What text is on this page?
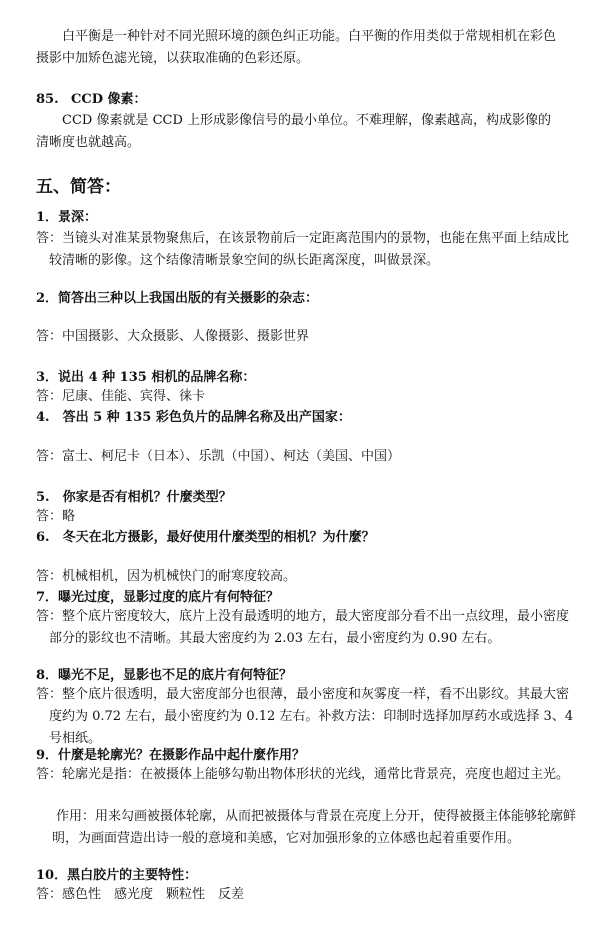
白平衡是一种针对不同光照环境的颜色纠正功能。白平衡的作用类似于常规相机在彩色摄影中加矫色滤光镜，以获取准确的色彩还原。

85. CCD 像素：

CCD 像素就是 CCD 上形成影像信号的最小单位。不难理解，像素越高，构成影像的清晰度也就越高。

五、简答：
1．景深：

答：当镜头对准某景物聚焦后，在该景物前后一定距离范围内的景物，也能在焦平面上结成比较清晰的影像。这个结像清晰景象空间的纵长距离深度，叫做景深。

2．简答出三种以上我国出版的有关摄影的杂志：

答：中国摄影、大众摄影、人像摄影、摄影世界

3．说出 4 种 135 相机的品牌名称：

答：尼康、佳能、宾得、徕卡

4.　答出 5 种 135 彩色负片的品牌名称及出产国家：

答：富士、柯尼卡（日本）、乐凯（中国）、柯达（美国、中国）

5.　你家是否有相机？什麼类型？

答：略

6.　冬天在北方摄影，最好使用什麼类型的相机？为什麼？

答：机械相机，因为机械快门的耐寒度较高。

7．曝光过度，显影过度的底片有何特征？

答：整个底片密度较大，底片上没有最透明的地方，最大密度部分看不出一点纹理，最小密度部分的影纹也不清晰。其最大密度约为 2.03 左右，最小密度约为 0.90 左右。

8．曝光不足，显影也不足的底片有何特征？

答：整个底片很透明，最大密度部分也很薄，最小密度和灰雾度一样，看不出影纹。其最大密度约为 0.72 左右，最小密度约为 0.12 左右。补救方法：印制时选择加厚药水或选择 3、4 号相纸。

9．什麼是轮廓光？在摄影作品中起什麼作用？

答：轮廓光是指：在被摄体上能够勾勒出物体形状的光线，通常比背景亮，亮度也超过主光。

作用：用来勾画被摄体轮廓，从而把被摄体与背景在亮度上分开，使得被摄主体能够轮廓鲜明，为画面营造出诗一般的意境和美感，它对加强形象的立体感也起着重要作用。

10．黑白胶片的主要特性：

答：感色性　感光度　颗粒性　反差
